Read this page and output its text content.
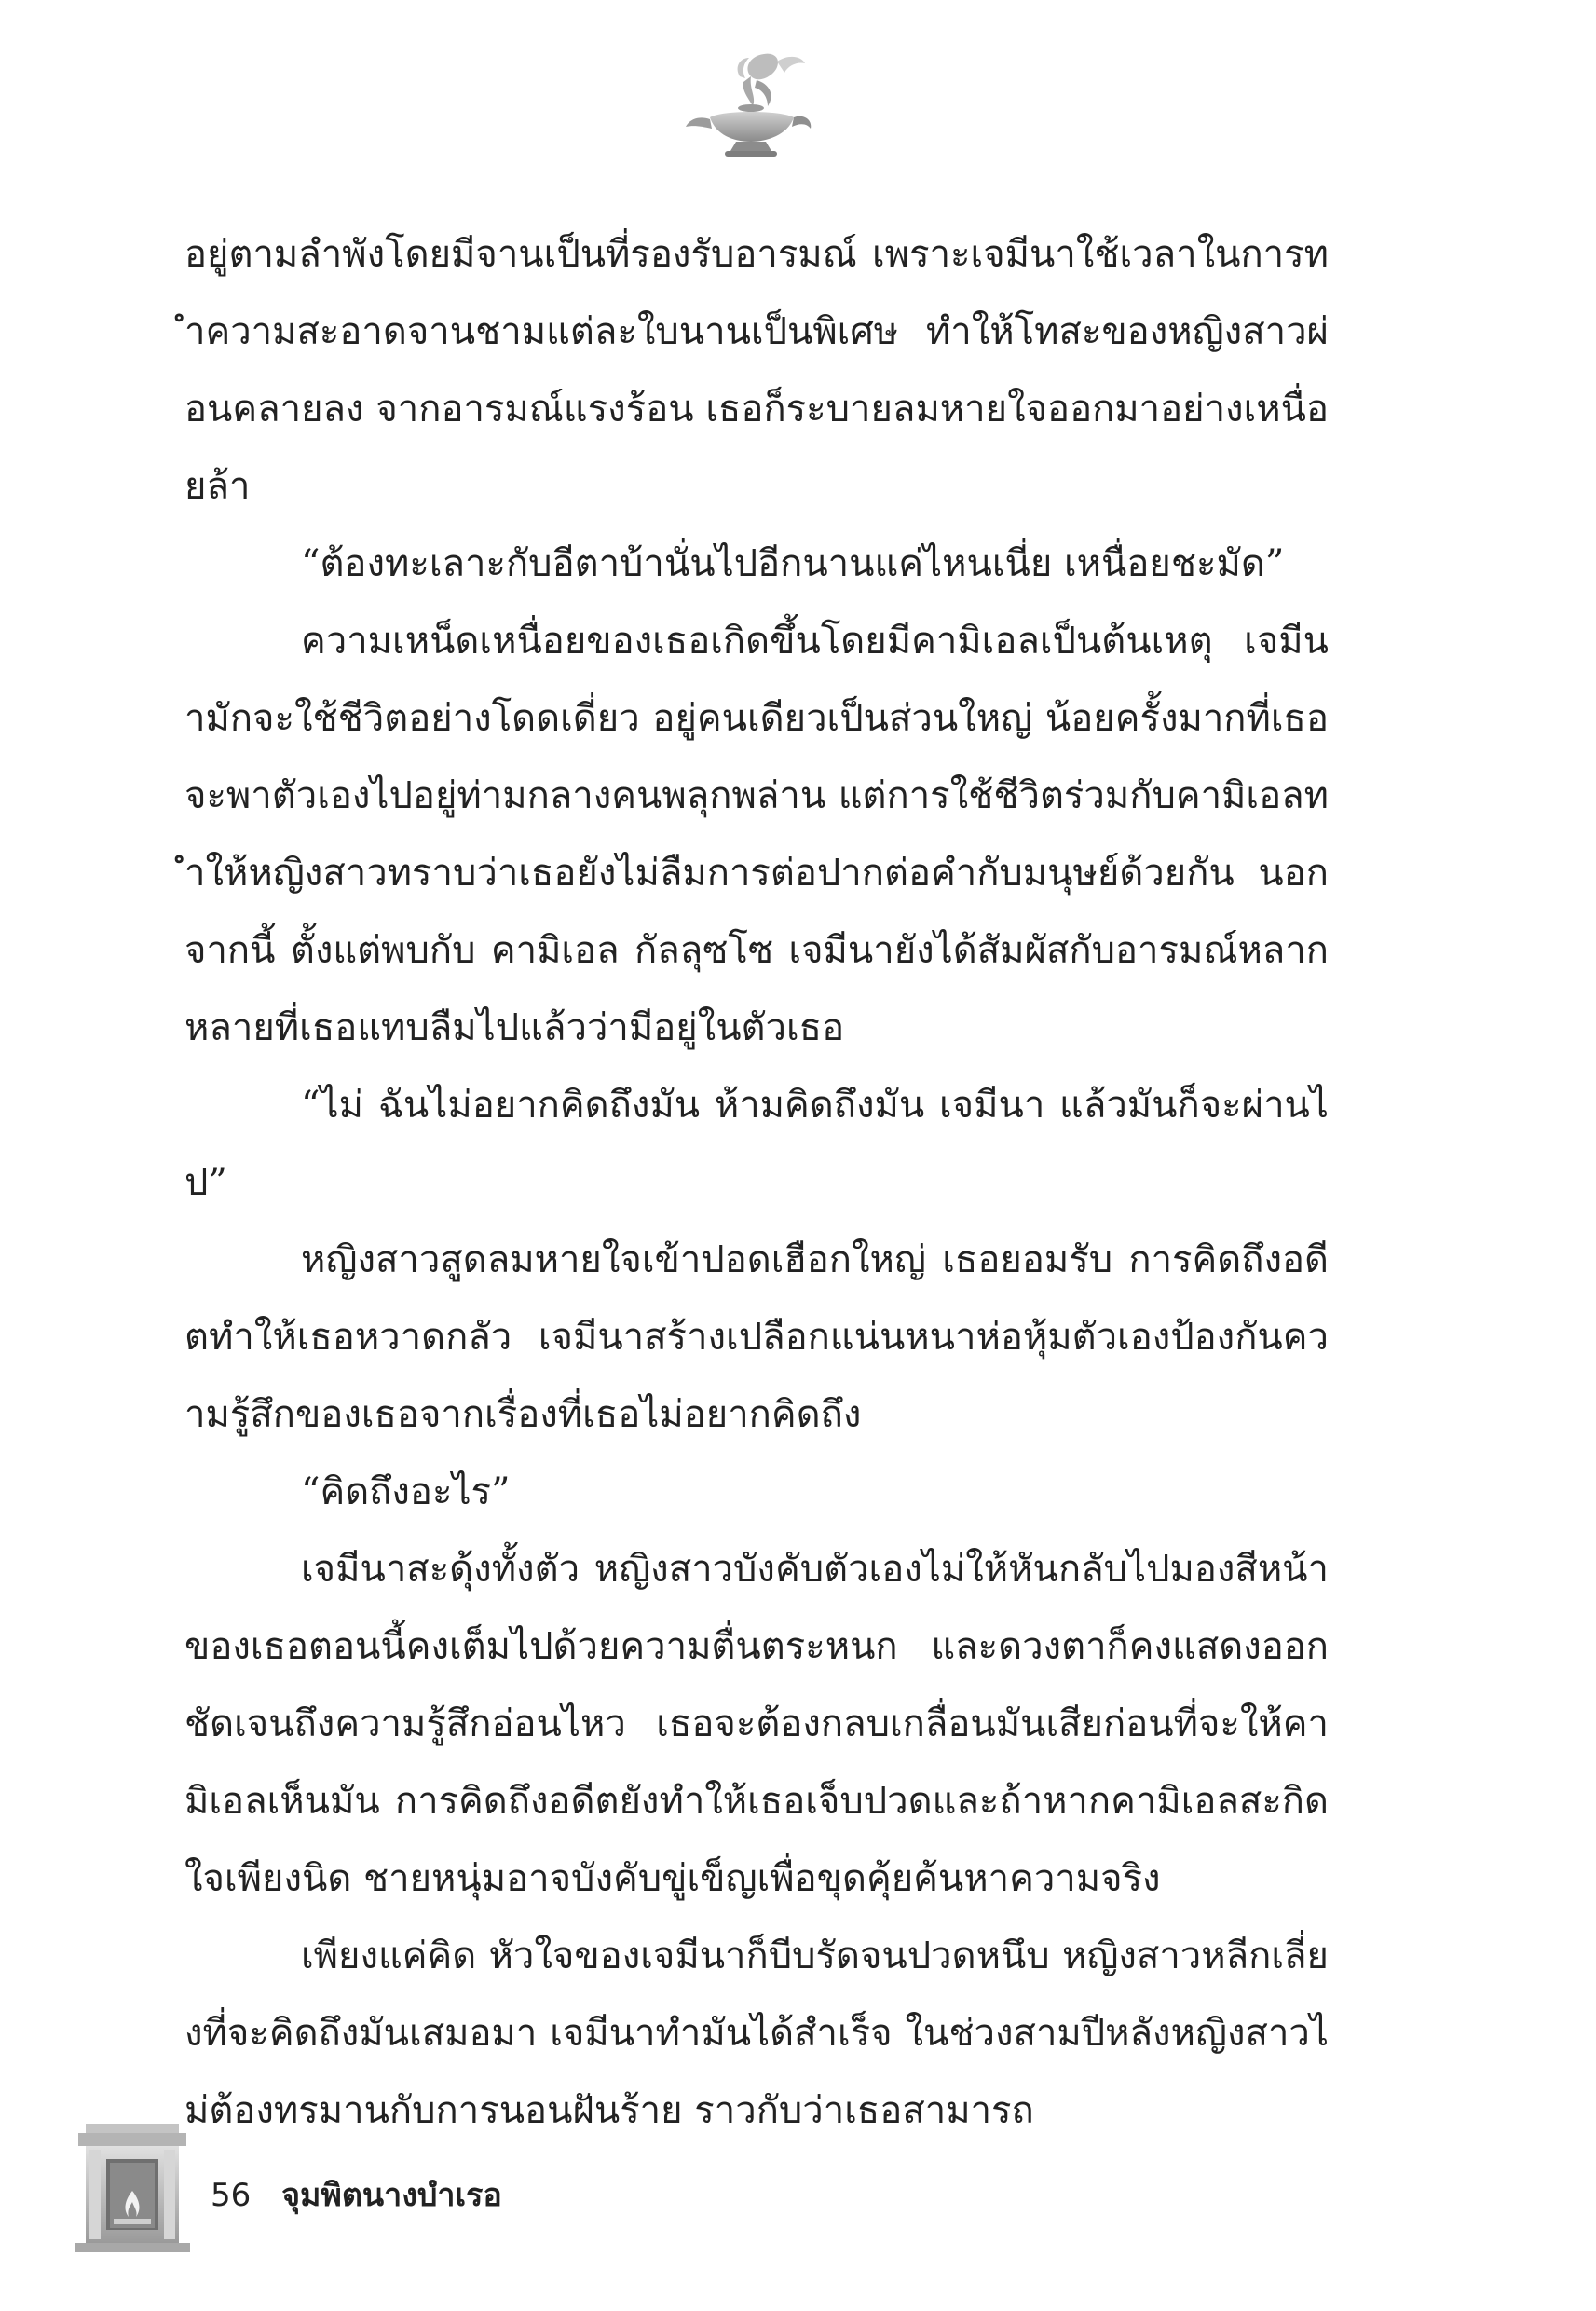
อยู่ตามลำพังโดยมีจานเป็นที่รองรับอารมณ์ เพราะเจมีนาใช้เวลาในการทำความสะอาดจานชามแต่ละใบนานเป็นพิเศษ ทำให้โทสะของหญิงสาวผ่อนคลายลง จากอารมณ์แรงร้อน เธอก็ระบายลมหายใจออกมาอย่างเหนื่อยล้า

“ต้องทะเลาะกับอีตาบ้านั่นไปอีกนานแค่ไหนเนี่ย เหนื่อยชะมัด”

ความเหน็ดเหนื่อยของเธอเกิดขึ้นโดยมีคามิเอลเป็นต้นเหตุ เจมีนามักจะใช้ชีวิตอย่างโดดเดี่ยว อยู่คนเดียวเป็นส่วนใหญ่ น้อยครั้งมากที่เธอจะพาตัวเองไปอยู่ท่ามกลางคนพลุกพล่าน แต่การใช้ชีวิตร่วมกับคามิเอลทำให้หญิงสาวทราบว่าเธอยังไม่ลืมการต่อปากต่อคำกับมนุษย์ด้วยกัน นอกจากนี้ ตั้งแต่พบกับ คามิเอล กัลลุซโซ เจมีนายังได้สัมผัสกับอารมณ์หลากหลายที่เธอแทบลืมไปแล้วว่ามีอยู่ในตัวเธอ

“ไม่ ฉันไม่อยากคิดถึงมัน ห้ามคิดถึงมัน เจมีนา แล้วมันก็จะผ่านไป”

หญิงสาวสูดลมหายใจเข้าปอดเฮือกใหญ่ เธอยอมรับ การคิดถึงอดีตทำให้เธอหวาดกลัว เจมีนาสร้างเปลือกแน่นหนาห่อหุ้มตัวเองป้องกันความรู้สึกของเธอจากเรื่องที่เธอไม่อยากคิดถึง

“คิดถึงอะไร”

เจมีนาสะดุ้งทั้งตัว หญิงสาวบังคับตัวเองไม่ให้หันกลับไปมองสีหน้าของเธอตอนนี้คงเต็มไปด้วยความตื่นตระหนก และดวงตาก็คงแสดงออกชัดเจนถึงความรู้สึกอ่อนไหว เธอจะต้องกลบเกลื่อนมันเสียก่อนที่จะให้คามิเอลเห็นมัน การคิดถึงอดีตยังทำให้เธอเจ็บปวดและถ้าหากคามิเอลสะกิดใจเพียงนิด ชายหนุ่มอาจบังคับขู่เข็ญเพื่อขุดคุ้ยค้นหาความจริง

เพียงแค่คิด หัวใจของเจมีนาก็บีบรัดจนปวดหนึบ หญิงสาวหลีกเลี่ยงที่จะคิดถึงมันเสมอมา เจมีนาทำมันได้สำเร็จ ในช่วงสามปีหลังหญิงสาวไม่ต้องทรมานกับการนอนฝันร้าย ราวกับว่าเธอสามารถ

56 จุมพิตนางบำเรอ
